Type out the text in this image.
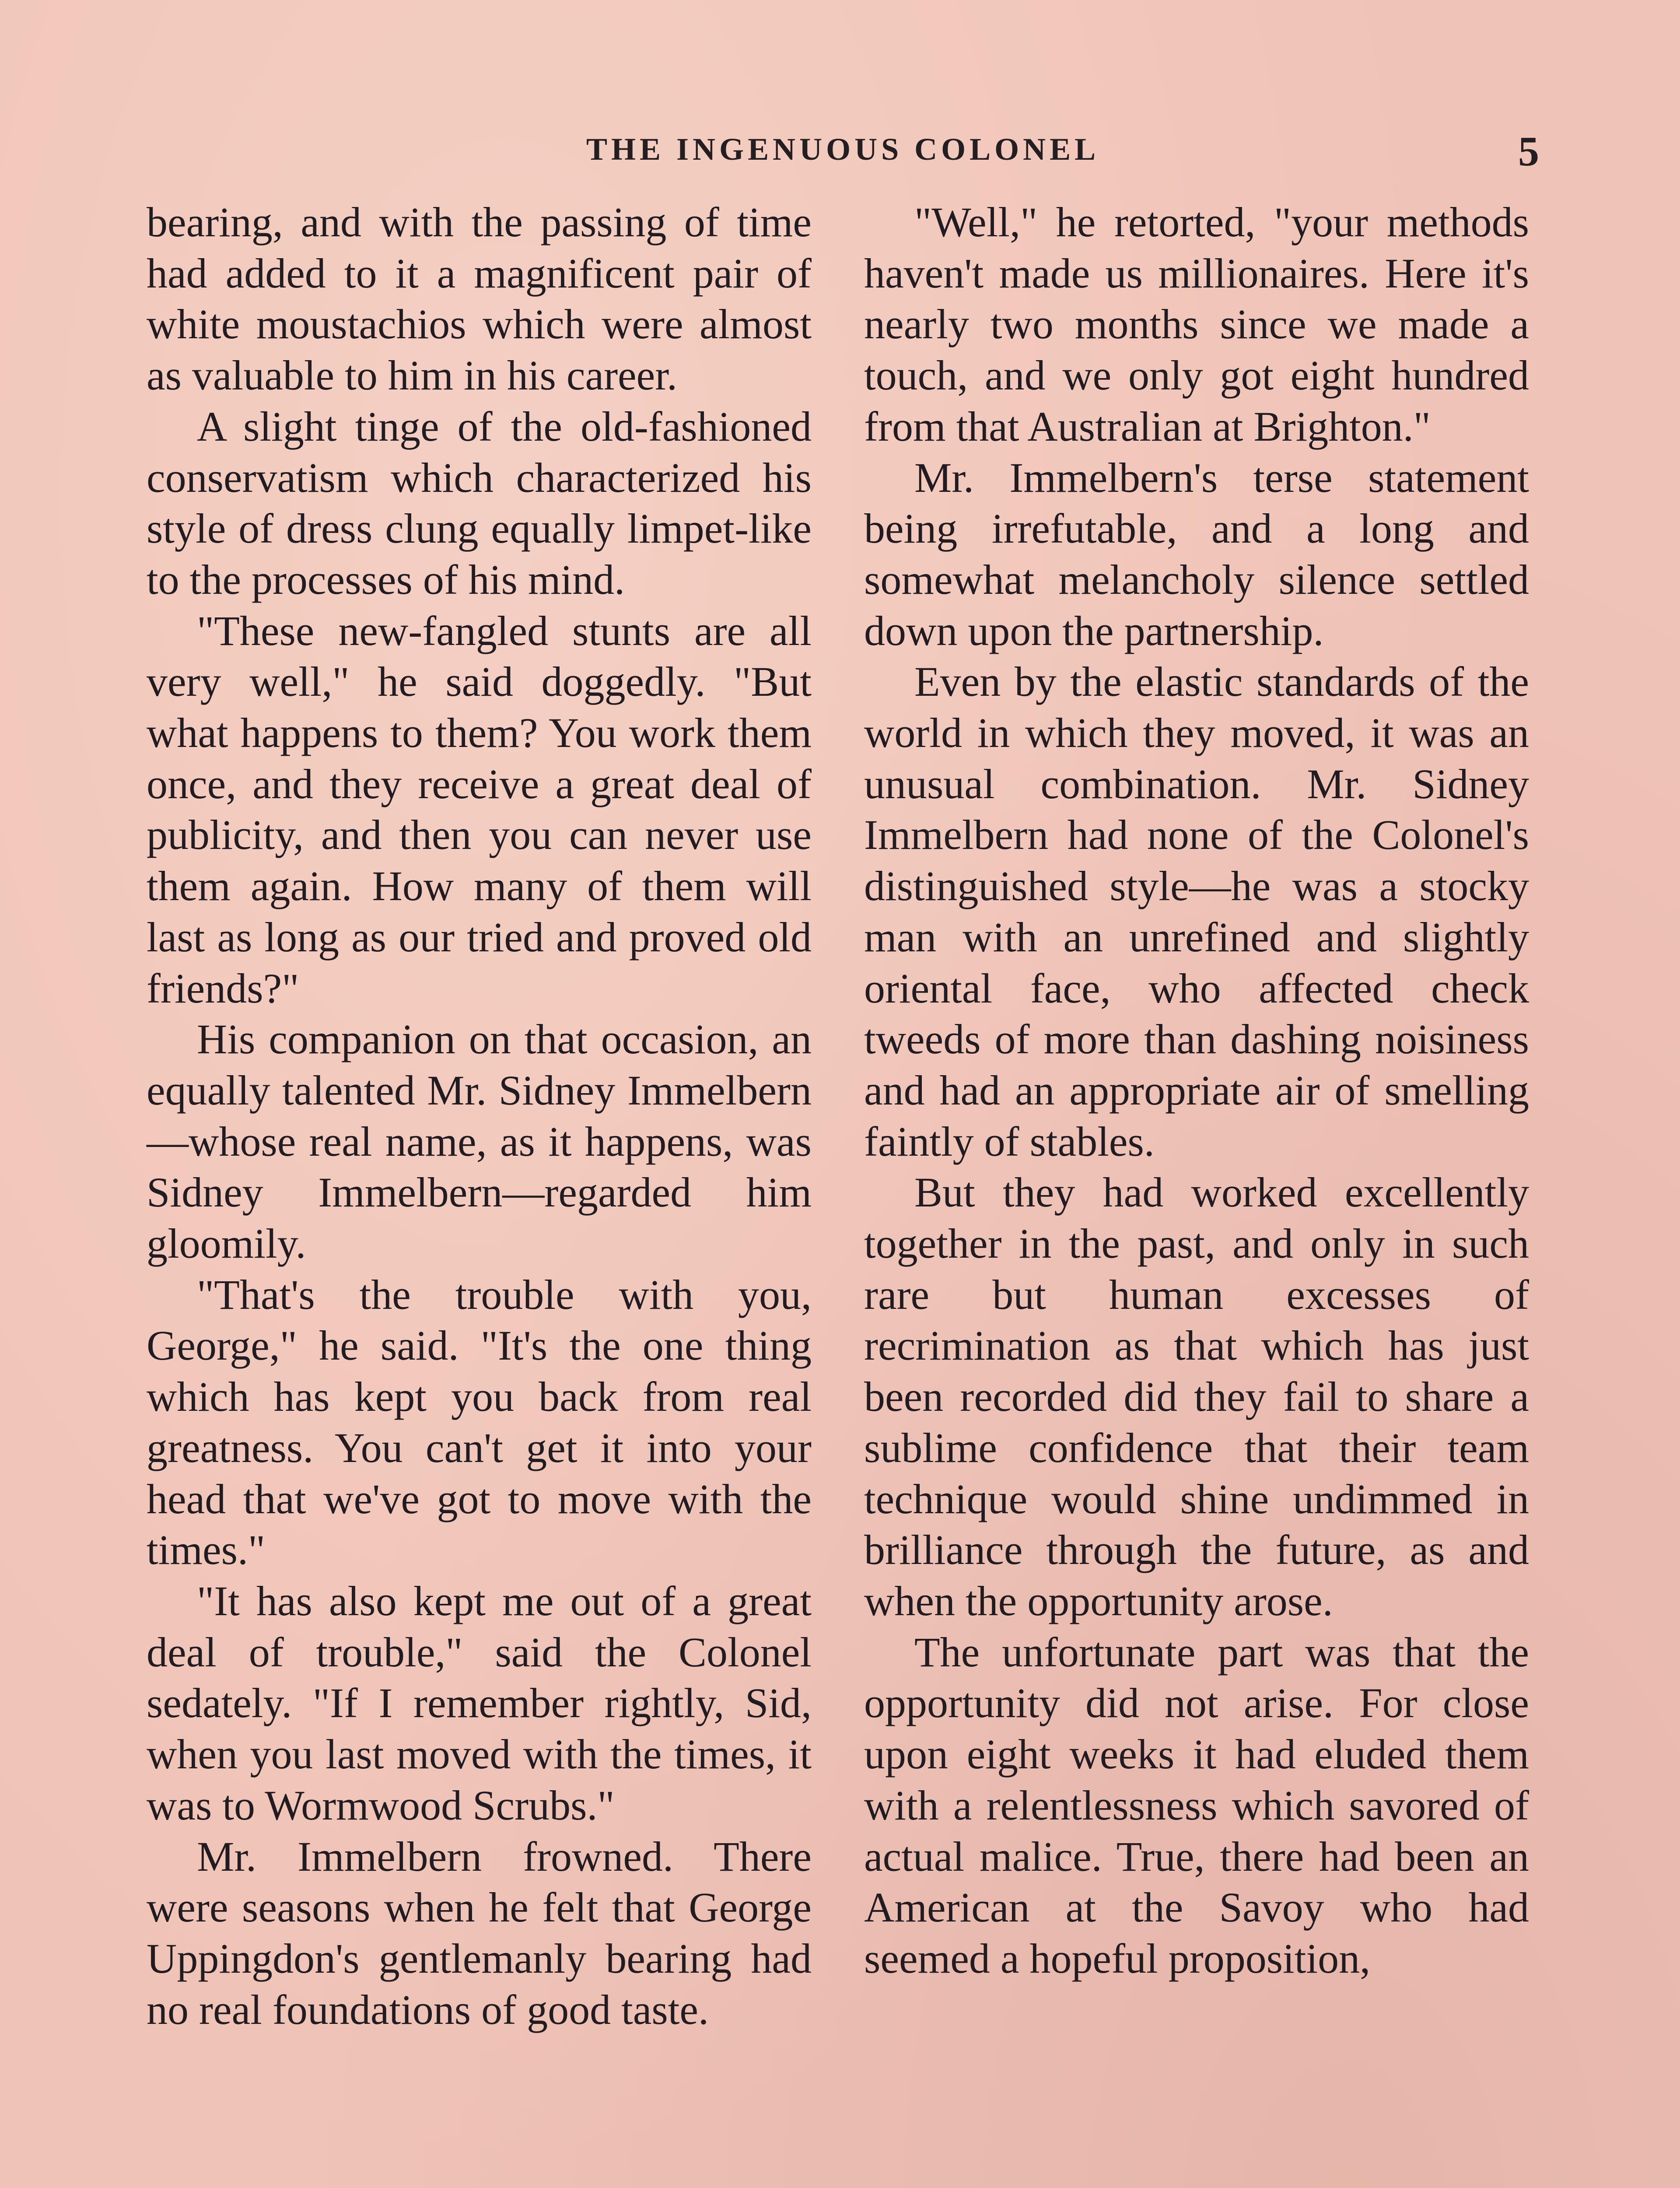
THE INGENUOUS COLONEL	5

bearing, and with the passing of time had added to it a magnificent pair of white moustachios which were almost as valuable to him in his career.

A slight tinge of the old-fashioned conservatism which characterized his style of dress clung equally limpet-like to the processes of his mind.

"These new-fangled stunts are all very well," he said doggedly. "But what happens to them? You work them once, and they receive a great deal of publicity, and then you can never use them again. How many of them will last as long as our tried and proved old friends?"

His companion on that occasion, an equally talented Mr. Sidney Immelbern—whose real name, as it happens, was Sidney Immelbern—regarded him gloomily.

"That's the trouble with you, George," he said. "It's the one thing which has kept you back from real greatness. You can't get it into your head that we've got to move with the times."

"It has also kept me out of a great deal of trouble," said the Colonel sedately. "If I remember rightly, Sid, when you last moved with the times, it was to Wormwood Scrubs."

Mr. Immelbern frowned. There were seasons when he felt that George Uppingdon's gentlemanly bearing had no real foundations of good taste.

"Well," he retorted, "your methods haven't made us millionaires. Here it's nearly two months since we made a touch, and we only got eight hundred from that Australian at Brighton."

Mr. Immelbern's terse statement being irrefutable, and a long and somewhat melancholy silence settled down upon the partnership.

Even by the elastic standards of the world in which they moved, it was an unusual combination. Mr. Sidney Immelbern had none of the Colonel's distinguished style—he was a stocky man with an unrefined and slightly oriental face, who affected check tweeds of more than dashing noisiness and had an appropriate air of smelling faintly of stables.

But they had worked excellently together in the past, and only in such rare but human excesses of recrimination as that which has just been recorded did they fail to share a sublime confidence that their team technique would shine undimmed in brilliance through the future, as and when the opportunity arose.

The unfortunate part was that the opportunity did not arise. For close upon eight weeks it had eluded them with a relentlessness which savored of actual malice. True, there had been an American at the Savoy who had seemed a hopeful proposition,
